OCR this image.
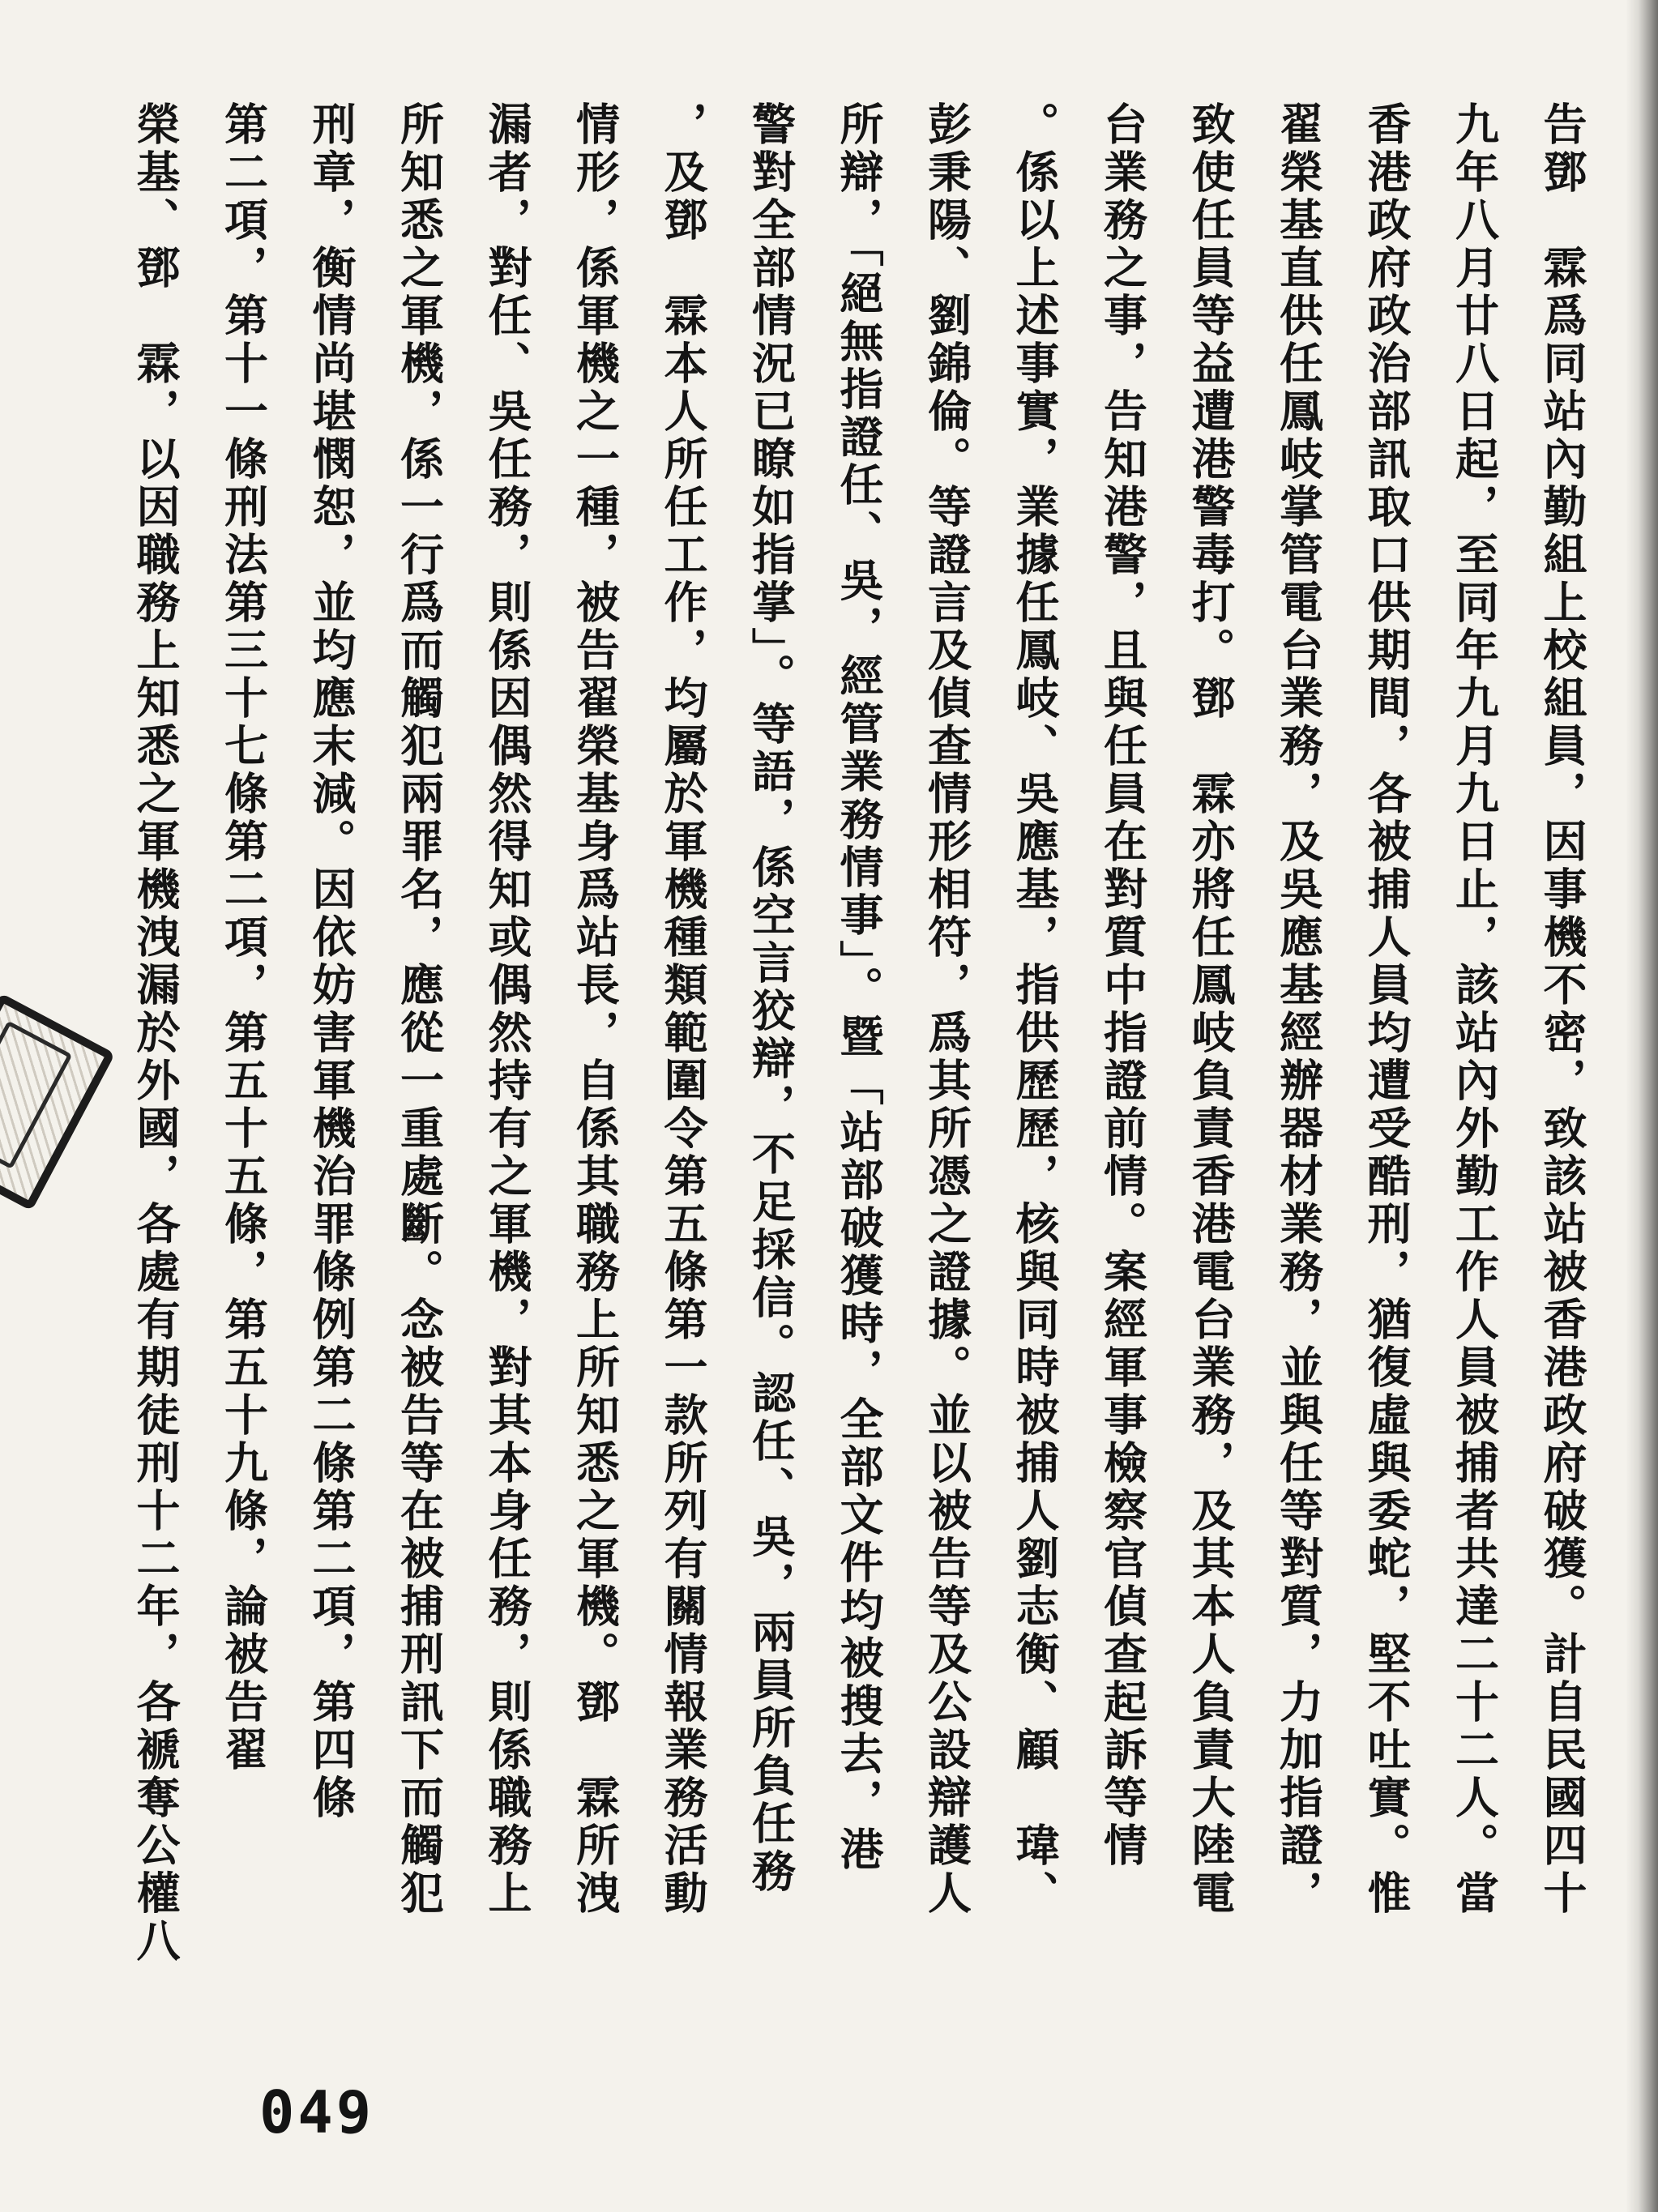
告鄧　霖爲同站內勤組上校組員，因事機不密，致該站被香港政府破獲。計自民國四十
九年八月廿八日起，至同年九月九日止，該站內外勤工作人員被捕者共達二十二人。當
香港政府政治部訊取口供期間，各被捕人員均遭受酷刑，猶復虛與委蛇，堅不吐實。惟
翟榮基直供任鳳岐掌管電台業務，及吳應基經辦器材業務，並與任等對質，力加指證，
致使任員等益遭港警毒打。鄧　霖亦將任鳳岐負責香港電台業務，及其本人負責大陸電
台業務之事，告知港警，且與任員在對質中指證前情。案經軍事檢察官偵查起訴等情
。係以上述事實，業據任鳳岐、吳應基，指供歷歷，核與同時被捕人劉志衡、顧　瑋、
彭秉陽、劉錦倫。等證言及偵查情形相符，爲其所憑之證據。並以被告等及公設辯護人
所辯，「絕無指證任、吳，經管業務情事」。暨「站部破獲時，全部文件均被搜去，港
警對全部情況已瞭如指掌」。等語，係空言狡辯，不足採信。認任、吳，兩員所負任務
，及鄧　霖本人所任工作，均屬於軍機種類範圍令第五條第一款所列有關情報業務活動
情形，係軍機之一種，被告翟榮基身爲站長，自係其職務上所知悉之軍機。鄧　霖所洩
漏者，對任、吳任務，則係因偶然得知或偶然持有之軍機，對其本身任務，則係職務上
所知悉之軍機，係一行爲而觸犯兩罪名，應從一重處斷。念被告等在被捕刑訊下而觸犯
刑章，衡情尚堪憫恕，並均應末減。因依妨害軍機治罪條例第二條第二項，第四條
第二項，第十一條刑法第三十七條第二項，第五十五條，第五十九條，論被告翟
榮基、鄧　霖，以因職務上知悉之軍機洩漏於外國，各處有期徒刑十二年，各褫奪公權八
049
